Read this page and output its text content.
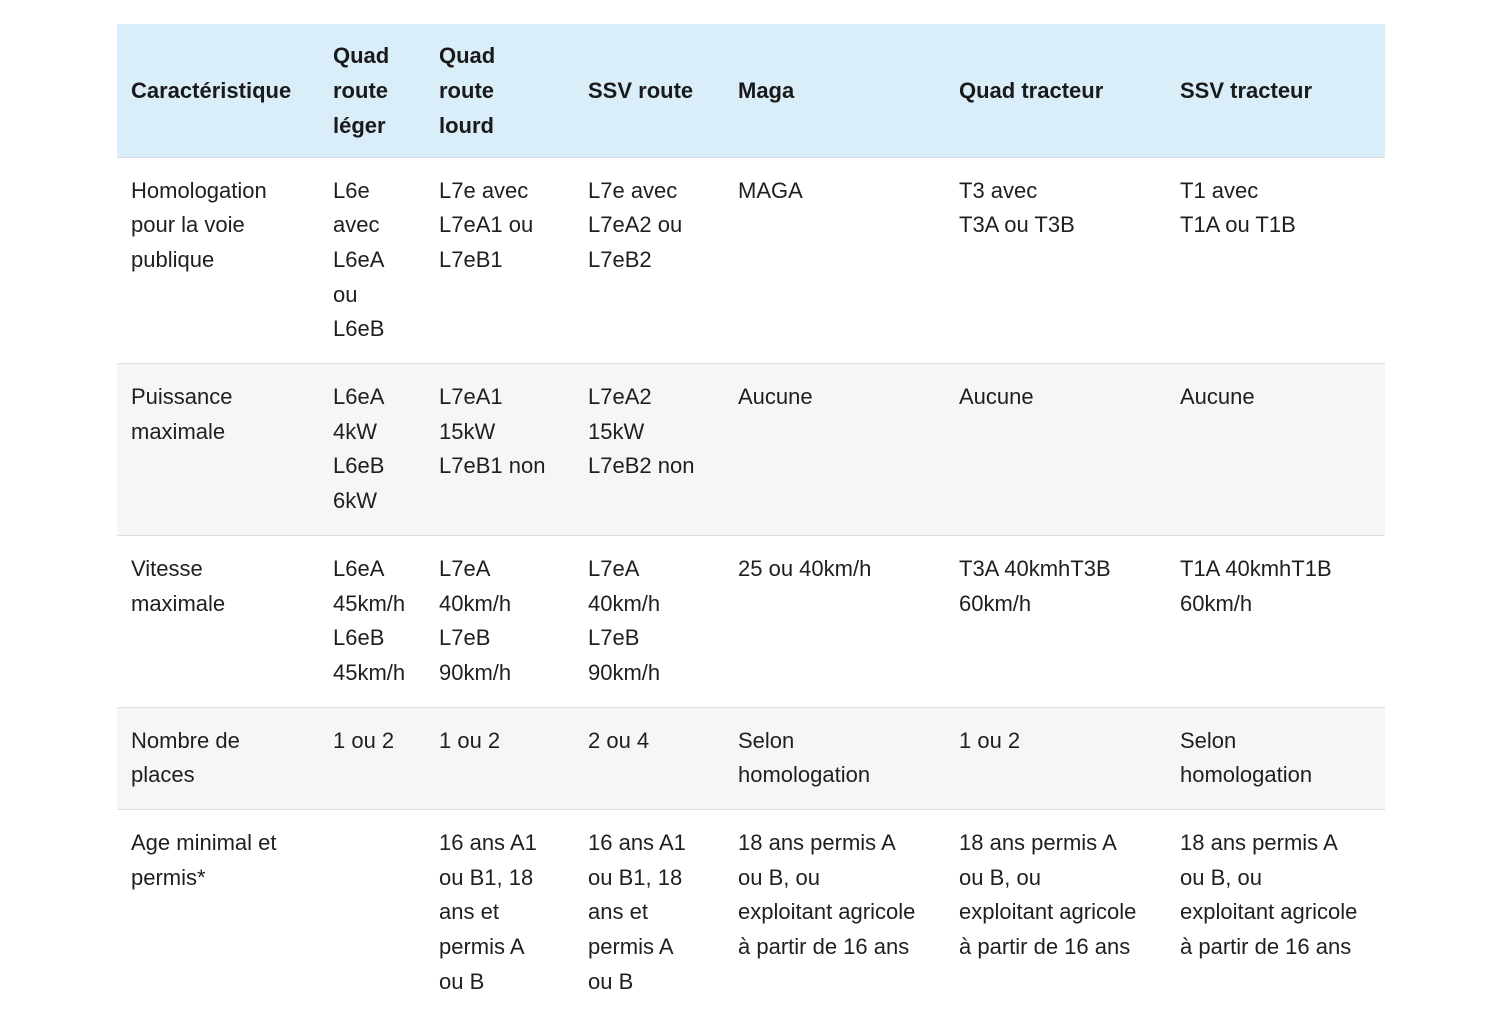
Caractéristique	Quad
route
léger	Quad
route
lourd	SSV route	Maga	Quad tracteur	SSV tracteur

Homologation
pour la voie
publique	L6e
avec
L6eA
ou
L6eB	L7e avec
L7eA1 ou
L7eB1	L7e avec
L7eA2 ou
L7eB2	MAGA	T3 avec
T3A ou T3B	T1 avec
T1A ou T1B

Puissance
maximale	L6eA
4kW
L6eB
6kW	L7eA1
15kW
L7eB1 non	L7eA2
15kW
L7eB2 non	Aucune	Aucune	Aucune

Vitesse
maximale	L6eA
45km/h
L6eB
45km/h	L7eA
40km/h
L7eB
90km/h	L7eA
40km/h
L7eB
90km/h	25 ou 40km/h	T3A 40kmhT3B
60km/h	T1A 40kmhT1B
60km/h

Nombre de
places	1 ou 2	1 ou 2	2 ou 4	Selon
homologation	1 ou 2	Selon
homologation

Age minimal et
permis*		16 ans A1
ou B1, 18
ans et
permis A
ou B	16 ans A1
ou B1, 18
ans et
permis A
ou B	18 ans permis A
ou B, ou
exploitant agricole
à partir de 16 ans	18 ans permis A
ou B, ou
exploitant agricole
à partir de 16 ans	18 ans permis A
ou B, ou
exploitant agricole
à partir de 16 ans
